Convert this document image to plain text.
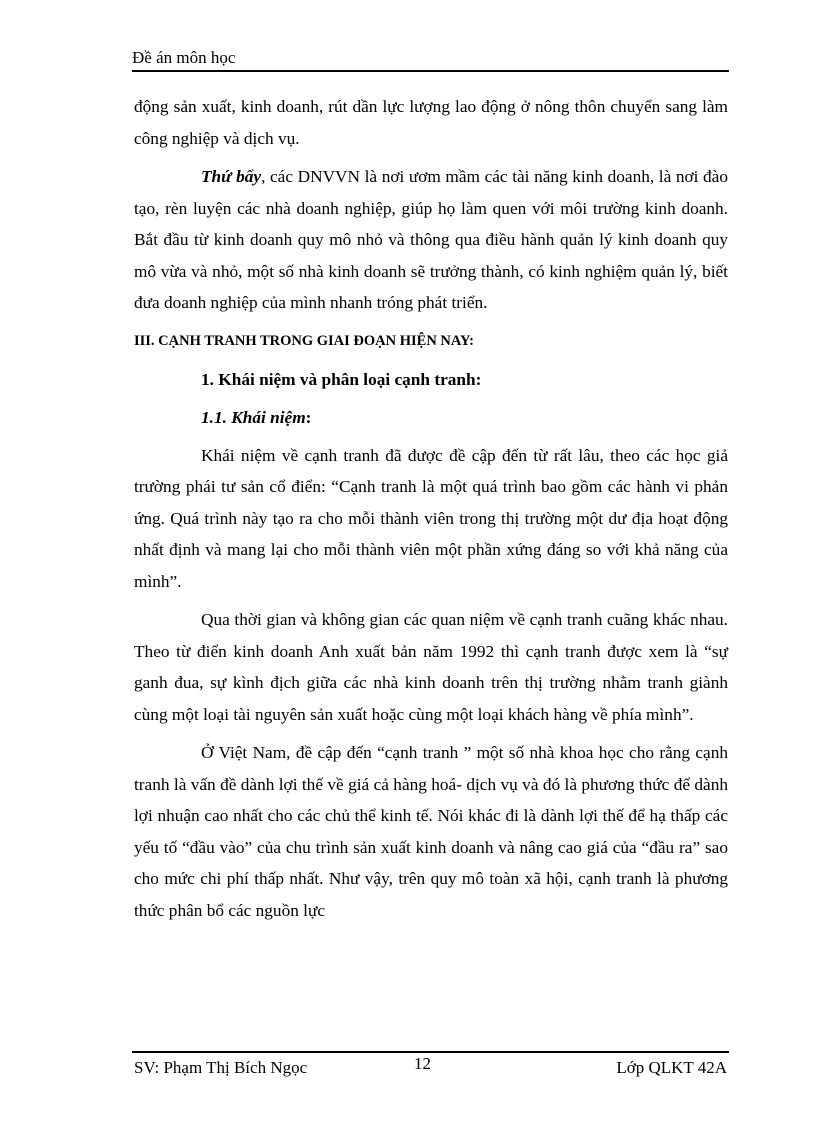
Đề án môn học

động sản xuất, kinh doanh, rút dần lực lượng lao động ở nông thôn chuyển sang làm công nghiệp và dịch vụ.

Thứ bẩy, các DNVVN là nơi ươm mầm các tài năng kinh doanh, là nơi đào tạo, rèn luyện các nhà doanh nghiệp, giúp họ làm quen với môi trường kinh doanh. Bắt đầu từ kinh doanh quy mô nhỏ và thông qua điều hành quản lý kinh doanh quy mô vừa và nhỏ, một số nhà kinh doanh sẽ trưởng thành, có kinh nghiệm quản lý, biết đưa doanh nghiệp của mình nhanh tróng phát triển.

III. CẠNH TRANH TRONG GIAI ĐOẠN HIỆN NAY:
1. Khái niệm và phân loại cạnh tranh:
1.1. Khái niệm:

Khái niệm về cạnh tranh đã được đề cập đến từ rất lâu, theo các học giả trường phái tư sản cổ điển: “Cạnh tranh là một quá trình bao gồm các hành vi phản ứng. Quá trình này tạo ra cho mỗi thành viên trong thị trường một dư địa hoạt động nhất định và mang lại cho mỗi thành viên một phần xứng đáng so với khả năng của mình”.

Qua thời gian và không gian các quan niệm về cạnh tranh cuãng khác nhau. Theo từ điển kinh doanh Anh xuất bản năm 1992 thì cạnh tranh được xem là “sự ganh đua, sự kình địch giữa các nhà kinh doanh trên thị trường nhằm tranh giành cùng một loại tài nguyên sản xuất hoặc cùng một loại khách hàng về phía mình”.

Ở Việt Nam, đề cập đến “cạnh tranh ” một số nhà khoa học cho rằng cạnh tranh là vấn đề dành lợi thế về giá cả hàng hoá- dịch vụ và đó là phương thức để dành lợi nhuận cao nhất cho các chủ thể kinh tế. Nói khác đi là dành lợi thế để hạ thấp các yếu tố “đầu vào” của chu trình sản xuất kinh doanh và nâng cao giá của “đầu ra” sao cho mức chi phí thấp nhất. Như vậy, trên quy mô toàn xã hội, cạnh tranh là phương thức phân bổ các nguồn lực

SV: Phạm Thị Bích Ngọc	12	Lớp QLKT 42A
